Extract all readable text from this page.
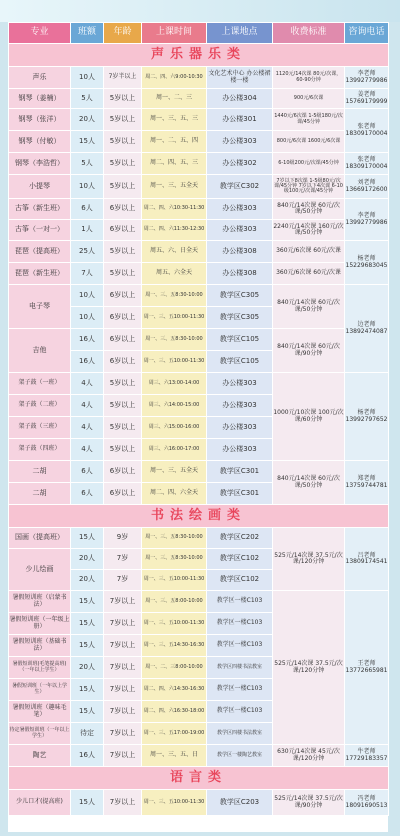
专业	班额	年龄	上课时间	上课地点	收费标准	咨询电话
声乐器乐类						
声乐	10人	7岁半以上	周二、四、六9:00-10:30	文化艺术中心 办公楼裙楼一楼	1120元/14次课 80元/次课，60-90分钟	李老师 13992779986
钢琴（姜楠）	5人	5岁以上	周一、二、三	办公楼304	900元/6次课	姜老师 15769179999
钢琴（张洋）	20人	5岁以上	周一、三、五、三	办公楼301	1440元/6次课 1-5级180元/次课/45分钟	张老师 18309170004
钢琴（付敏）	15人	5岁以上	周一、二、五、四	办公楼303	800元/6次课 1600元/6次课	
钢琴（李浩哲）	5人	5岁以上	周二、四、五、三	办公楼302	6-10级200元/次课/45分钟	张老师 18309170004
小提琴	10人	5岁以上	周一、三、五全天	教学区C302	7岁以下8次课 1-5级80元/次课/45分钟 7岁以下4次课 6-10级100元/次课/45分钟	刘老师 13669172600
古筝（新生班）	6人	6岁以上	周二、四、六10:30-11:30	办公楼303	840元/14次课 60元/次课/50分钟	李老师 13992779986
古筝（一对一）	1人	6岁以上	周二、四、六11:30-12:30	办公楼303	2240元/14次课 160元/次课/50分钟	
琵琶（提高班）	25人	5岁以上	周五、六、日全天	办公楼308	360元/6次课 60元/次课	杨老师 15229683045
琵琶（新生班）	7人	5岁以上	周五、六全天	办公楼308	360元/6次课 60元/次课	
电子琴	10人	6岁以上	周一、三、五8:30-10:00	教学区C305	840元/14次课 60元/次课/50分钟	边老师 13892474087
	10人	6岁以上	周一、三、五10:00-11:30	教学区C305		
吉他	16人	6岁以上	周一、三、五8:30-10:00	教学区C105	840元/14次课 60元/次课/90分钟	
	16人	6岁以上	周一、三、五10:00-11:30	教学区C105		
架子鼓（一班）	4人	5岁以上	周三、六13:00-14:00	办公楼303	1000元/10次课 100元/次课/60分钟	杨老师 13992797652
架子鼓（二班）	4人	5岁以上	周三、六14:00-15:00	办公楼303		
架子鼓（三班）	4人	5岁以上	周三、六15:00-16:00	办公楼303		
架子鼓（四班）	4人	5岁以上	周三、六16:00-17:00	办公楼303		
二胡	6人	6岁以上	周一、三、五全天	教学区C301	840元/14次课 60元/次课/50分钟	郑老师 13759744781
二胡	6人	6岁以上	周二、四、六全天	教学区C301		
书法绘画类						
国画（提高班）	15人	9岁	周一、三、五8:30-10:00	教学区C202	525元/14次课 37.5元/次课/120分钟	吕老师 13809174541
少儿绘画	20人	7岁	周一、三、五8:30-10:00	教学区C102		
	20人	7岁	周一、三、五10:00-11:30	教学区C102		
暑假短训班（启蒙书法）	15人	7岁以上	周一、三、五8:00-10:00	教学区一楼C103	525元/14次课 37.5元/次课/120分钟	王老师 13772665981
暑假短训班（一年级上册）	15人	7岁以上	周一、三、五10:00-11:30	教学区一楼C103		
暑假短训班（基础书法）	15人	7岁以上	周一、三、五14:30-16:30	教学区一楼C103		
暑假短训班(毛笔提高班)（一年以上学生）	20人	7岁以上	周一、二、三8:00-10:00	教学区四楼书法教室		
暑假短训班（一年以上学生）	15人	7岁以上	周二、四、六14:30-16:30	教学区一楼C103		
暑假短训班（趣味毛笔）	15人	7岁以上	周二、四、六16:30-18:00	教学区一楼C103		
待定暑假短训班（一年以上学生）	待定	7岁以上	周一、三、五17:00-19:00	教学区四楼书法教室		
陶艺	16人	7岁以上	周一、三、五、日	教学区一楼陶艺教室	630元/14次课 45元/次课/120分钟	牛老师 17729183357
语言类						
少儿口才(提高班)	15人	7岁以上	周一、三、五10:00-11:30	教学区C203	525元/14次课 37.5元/次课/90分钟	冯老师 18091690513
